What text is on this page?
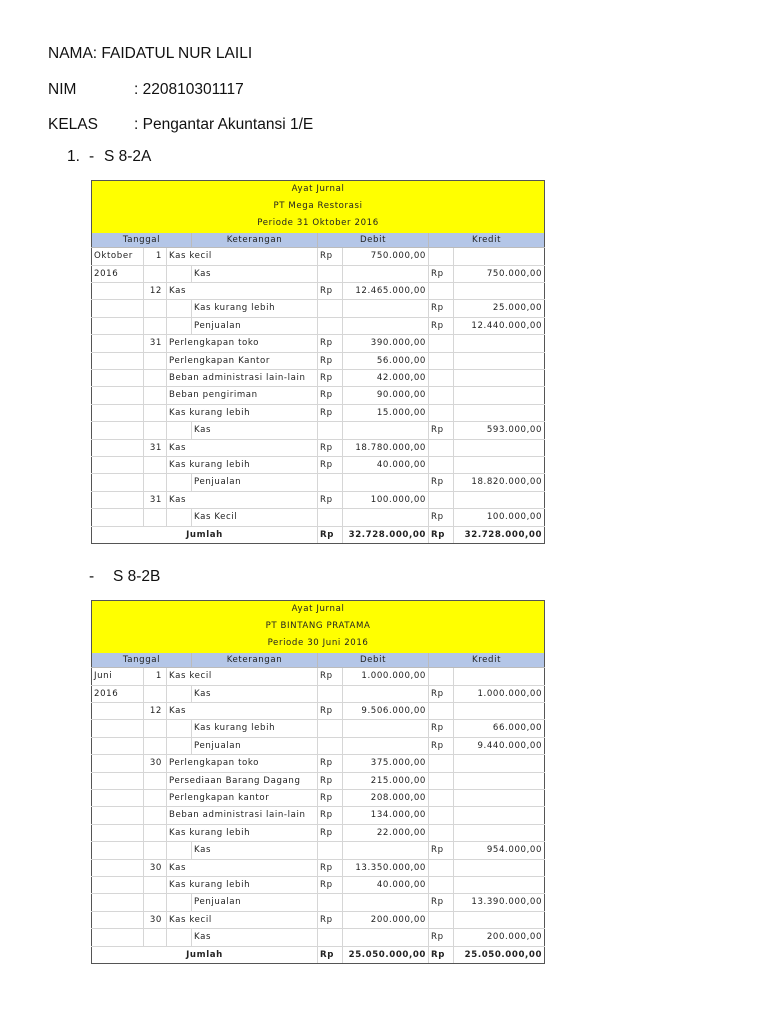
NAMA: FAIDATUL NUR LAILI
NIM	: 220810301117
KELAS : Pengantar Akuntansi 1/E
1. - S 8-2A
Ayat Jurnal							
PT Mega Restorasi							
Periode 31 Oktober 2016							
Tanggal			Keterangan	Debit		Kredit	
Oktober	1	Kas kecil		Rp	750.000,00		
2016			Kas			Rp	750.000,00
	12	Kas		Rp	12.465.000,00		
			Kas kurang lebih			Rp	25.000,00
			Penjualan			Rp	12.440.000,00
	31	Perlengkapan toko		Rp	390.000,00		
		Perlengkapan Kantor		Rp	56.000,00		
		Beban administrasi lain-lain		Rp	42.000,00		
		Beban pengiriman		Rp	90.000,00		
		Kas kurang lebih		Rp	15.000,00		
			Kas			Rp	593.000,00
	31	Kas		Rp	18.780.000,00		
		Kas kurang lebih		Rp	40.000,00		
			Penjualan			Rp	18.820.000,00
	31	Kas		Rp	100.000,00		
			Kas Kecil			Rp	100.000,00
Jumlah				Rp	32.728.000,00	Rp	32.728.000,00
- S 8-2B
Ayat Jurnal							
PT BINTANG PRATAMA							
Periode 30 Juni 2016							
Tanggal			Keterangan	Debit		Kredit	
Juni	1	Kas kecil		Rp	1.000.000,00		
2016			Kas			Rp	1.000.000,00
	12	Kas		Rp	9.506.000,00		
			Kas kurang lebih			Rp	66.000,00
			Penjualan			Rp	9.440.000,00
	30	Perlengkapan toko		Rp	375.000,00		
		Persediaan Barang Dagang		Rp	215.000,00		
		Perlengkapan kantor		Rp	208.000,00		
		Beban administrasi lain-lain		Rp	134.000,00		
		Kas kurang lebih		Rp	22.000,00		
			Kas			Rp	954.000,00
	30	Kas		Rp	13.350.000,00		
		Kas kurang lebih		Rp	40.000,00		
			Penjualan			Rp	13.390.000,00
	30	Kas kecil		Rp	200.000,00		
			Kas			Rp	200.000,00
Jumlah				Rp	25.050.000,00	Rp	25.050.000,00
